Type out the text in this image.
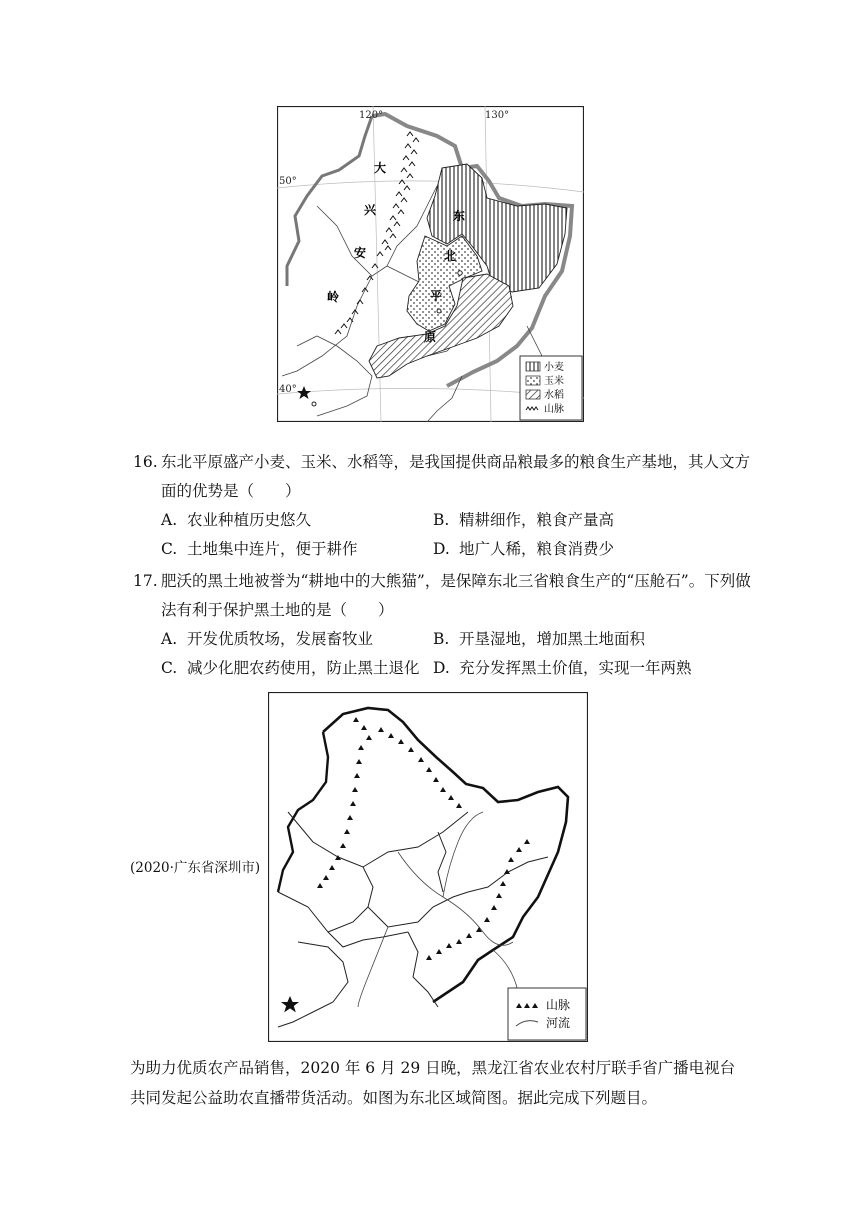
120°	130°
50°
40°
大
兴
安
岭
东
北
平
原
小麦
玉米
水稻
山脉
16. 东北平原盛产小麦、玉米、水稻等，是我国提供商品粮最多的粮食生产基地，其人文方面的优势是（　　）
A. 农业种植历史悠久	B. 精耕细作，粮食产量高
C. 土地集中连片，便于耕作	D. 地广人稀，粮食消费少
17. 肥沃的黑土地被誉为“耕地中的大熊猫”，是保障东北三省粮食生产的“压舱石”。下列做法有利于保护黑土地的是（　　）
A. 开发优质牧场，发展畜牧业	B. 开垦湿地，增加黑土地面积
C. 减少化肥农药使用，防止黑土退化 D. 充分发挥黑土价值，实现一年两熟
(2020·广东省深圳市)
山脉
河流
为助力优质农产品销售，2020 年 6 月 29 日晚，黑龙江省农业农村厅联手省广播电视台共同发起公益助农直播带货活动。如图为东北区域简图。据此完成下列题目。
